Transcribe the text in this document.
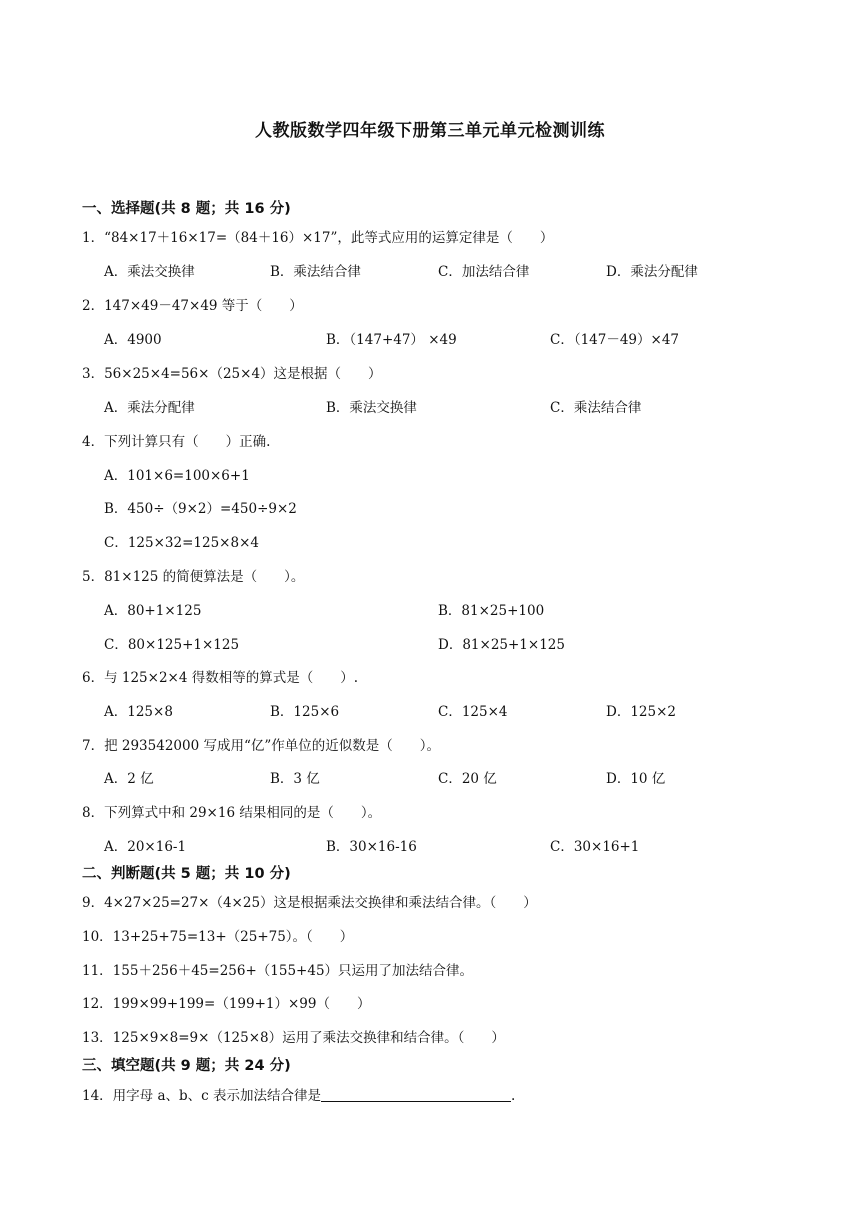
人教版数学四年级下册第三单元单元检测训练
一、选择题(共 8 题；共 16 分)
1．“84×17＋16×17=（84＋16）×17”，此等式应用的运算定律是（　　）
A．乘法交换律	B．乘法结合律	C．加法结合律	D．乘法分配律
2．147×49－47×49 等于（　　）
A．4900	B．（147+47） ×49	C．（147－49）×47
3．56×25×4=56×（25×4）这是根据（　　）
A．乘法分配律	B．乘法交换律	C．乘法结合律
4．下列计算只有（　　）正确.
A．101×6=100×6+1
B．450÷（9×2）=450÷9×2
C．125×32=125×8×4
5．81×125 的简便算法是（　　）。
A．80+1×125	B．81×25+100
C．80×125+1×125	D．81×25+1×125
6．与 125×2×4 得数相等的算式是（　　）.
A．125×8	B．125×6	C．125×4	D．125×2
7．把 293542000 写成用“亿”作单位的近似数是（　　）。
A．2 亿	B．3 亿	C．20 亿	D．10 亿
8．下列算式中和 29×16 结果相同的是（　　）。
A．20×16-1	B．30×16-16	C．30×16+1
二、判断题(共 5 题；共 10 分)
9．4×27×25=27×（4×25）这是根据乘法交换律和乘法结合律。（　　）
10．13+25+75=13+（25+75）。（　　）
11．155＋256＋45=256+（155+45）只运用了加法结合律。
12．199×99+199=（199+1）×99（　　）
13．125×9×8=9×（125×8）运用了乘法交换律和结合律。（　　）
三、填空题(共 9 题；共 24 分)
14．用字母 a、b、c 表示加法结合律是	.
